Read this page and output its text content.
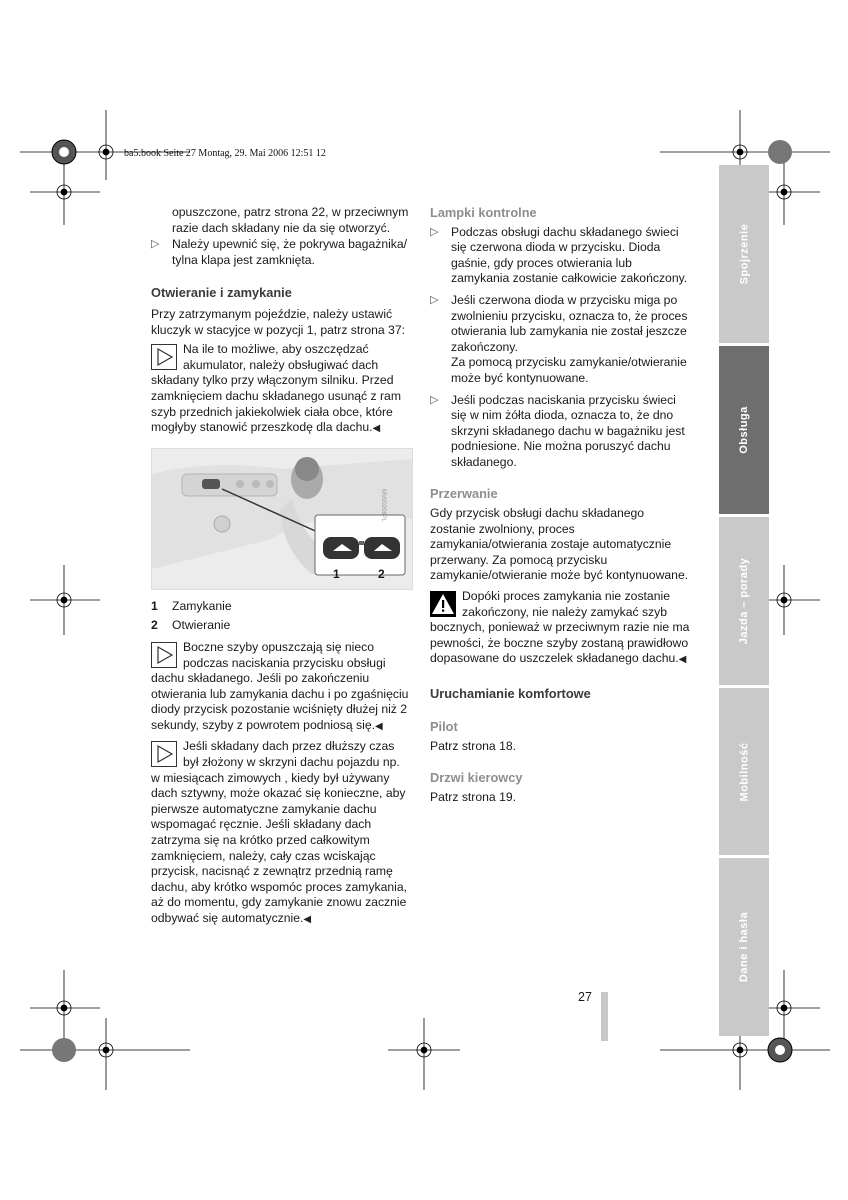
ba5.book Seite 27 Montag, 29. Mai 2006 12:51 12

opuszczone, patrz strona 22, w przeciwnym razie dach składany nie da się otworzyć.

▷ Należy upewnić się, że pokrywa bagażnika/ tylna klapa jest zamknięta.

Otwieranie i zamykanie

Przy zatrzymanym pojeździe, należy ustawić kluczyk w stacyjce w pozycji 1, patrz strona 37:

Na ile to możliwe, aby oszczędzać akumulator, należy obsługiwać dach składany tylko przy włączonym silniku. Przed zamknięciem dachu składanego usunąć z ram szyb przednich jakiekolwiek ciała obce, które mogłyby stanowić przeszkodę dla dachu.

◀
1	2
MV00206PL
1	Zamykanie
2	Otwieranie

Boczne szyby opuszczają się nieco podczas naciskania przycisku obsługi dachu składanego. Jeśli po zakończeniu otwierania lub zamykania dachu i po zgaśnięciu diody przycisk pozostanie wciśnięty dłużej niż 2 sekundy, szyby z powrotem podniosą się.

◀

Jeśli składany dach przez dłuższy czas był złożony w skrzyni dachu pojazdu np. w miesiącach zimowych , kiedy był używany dach sztywny, może okazać się konieczne, aby pierwsze automatyczne zamykanie dachu wspomagać ręcznie. Jeśli składany dach zatrzyma się na krótko przed całkowitym zamknięciem, należy, cały czas wciskając przycisk, nacisnąć z zewnątrz przednią ramę dachu, aby krótko wspomóc proces zamykania, aż do momentu, gdy zamykanie znowu zacznie odbywać się automatycznie.

◀

Lampki kontrolne

▷ Podczas obsługi dachu składanego świeci się czerwona dioda w przycisku. Dioda gaśnie, gdy proces otwierania lub zamykania zostanie całkowicie zakończony.

▷ Jeśli czerwona dioda w przycisku miga po zwolnieniu przycisku, oznacza to, że proces otwierania lub zamykania nie został jeszcze zakończony.

Za pomocą przycisku zamykanie/otwieranie może być kontynuowane.

▷ Jeśli podczas naciskania przycisku świeci się w nim żółta dioda, oznacza to, że dno skrzyni składanego dachu w bagażniku jest podniesione. Nie można poruszyć dachu składanego.

Przerwanie

Gdy przycisk obsługi dachu składanego zostanie zwolniony, proces zamykania/otwierania zostaje automatycznie przerwany. Za pomocą przycisku zamykanie/otwieranie może być kontynuowane.

Dopóki proces zamykania nie zostanie zakończony, nie należy zamykać szyb bocznych, ponieważ w przeciwnym razie nie ma pewności, że boczne szyby zostaną prawidłowo dopasowane do uszczelek składanego dachu.

◀

Uruchamianie komfortowe

Pilot

Patrz strona 18.

Drzwi kierowcy

Patrz strona 19.

Spojrzenie
Obsługa
Jazda – porady
Mobilność
Dane i hasła
27
